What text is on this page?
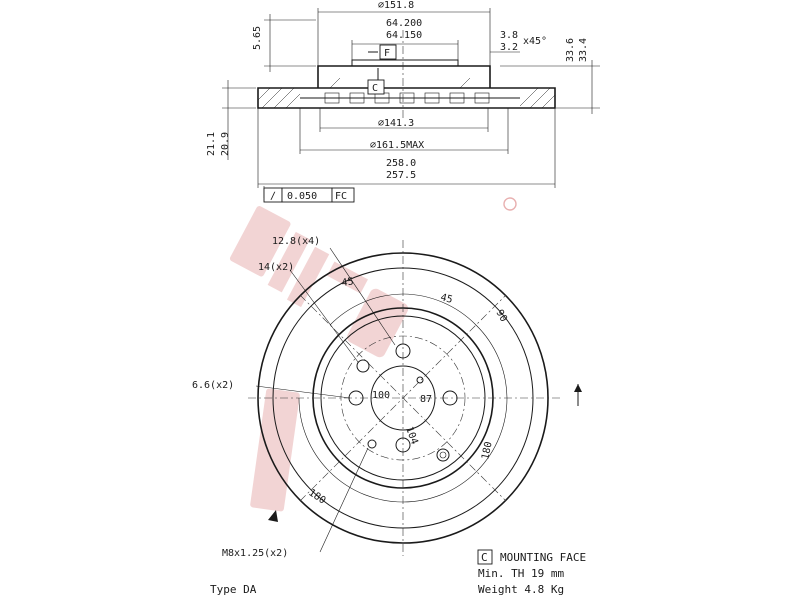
∅151.8
64.200
64.150
F
C
5.65	3.8
3.2
x45° 33.6 33.4
∅141.3
∅161.5MAX
258.0
257.5
21.1 20.9
∕ 0.050 FC
12.8(x4)
14(x2)
6.6(x2)
M8x1.25(x2)
45
45
90
180
180
100	87
104
C MOUNTING FACE
Min. TH 19 mm
Weight 4.8 Kg
Type DA
